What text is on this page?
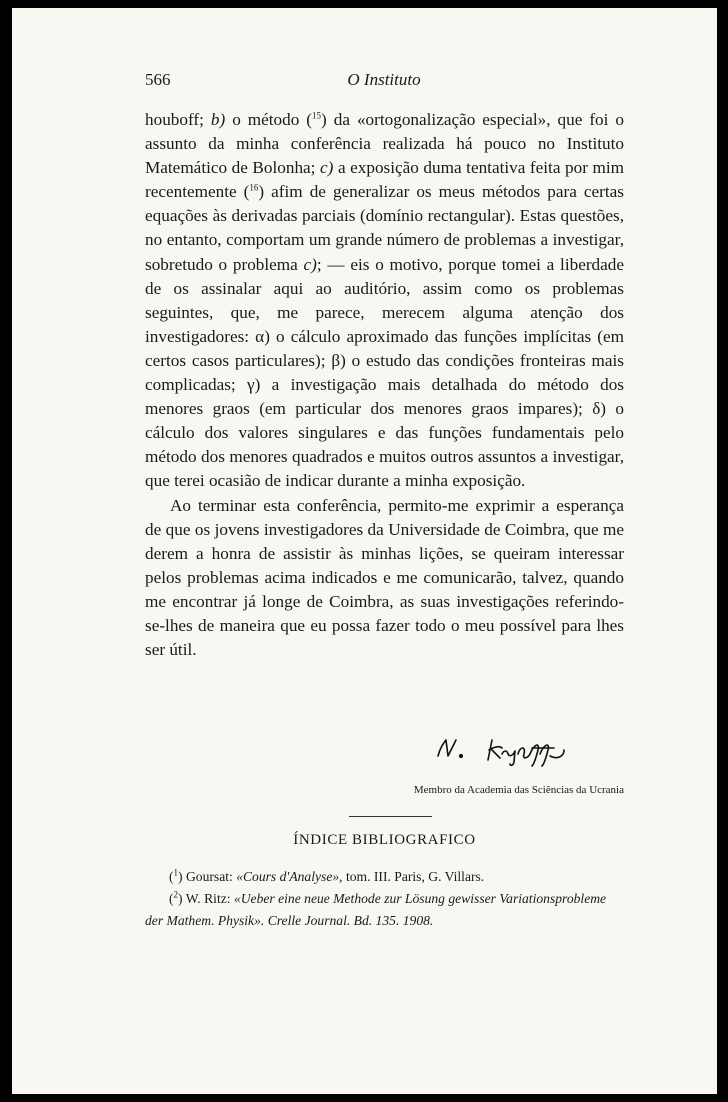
566	O Instituto

houboff; b) o método ($^{15}$) da «ortogonalização especial», que foi o assunto da minha conferência realizada há pouco no Instituto Matemático de Bolonha; c) a exposição duma tentativa feita por mim recentemente ($^{16}$) afim de generalizar os meus métodos para certas equações às derivadas parciais (domínio rectangular). Estas questões, no entanto, comportam um grande número de problemas a investigar, sobretudo o problema c); — eis o motivo, porque tomei a liberdade de os assinalar aqui ao auditório, assim como os problemas seguintes, que, me parece, merecem alguma atenção dos investigadores: α) o cálculo aproximado das funções implícitas (em certos casos particulares); β) o estudo das condições fronteiras mais complicadas; γ) a investigação mais detalhada do método dos menores graos (em particular dos menores graos impares); δ) o cálculo dos valores singulares e das funções fundamentais pelo método dos menores quadrados e muitos outros assuntos a investigar, que terei ocasião de indicar durante a minha exposição.

Ao terminar esta conferência, permito-me exprimir a esperança de que os jovens investigadores da Universidade de Coimbra, que me derem a honra de assistir às minhas lições, se queiram interessar pelos problemas acima indicados e me comunicarão, talvez, quando me encontrar já longe de Coimbra, as suas investigações referindo-se-lhes de maneira que eu possa fazer todo o meu possível para lhes ser útil.

Membro da Academia das Sciências da Ucrania
ÍNDICE BIBLIOGRAFICO

($^1$) Goursat: «Cours d'Analyse», tom. III. Paris, G. Villars.

($^2$) W. Ritz: «Ueber eine neue Methode zur Lösung gewisser Variationsprobleme der Mathem. Physik». Crelle Journal. Bd. 135. 1908.
